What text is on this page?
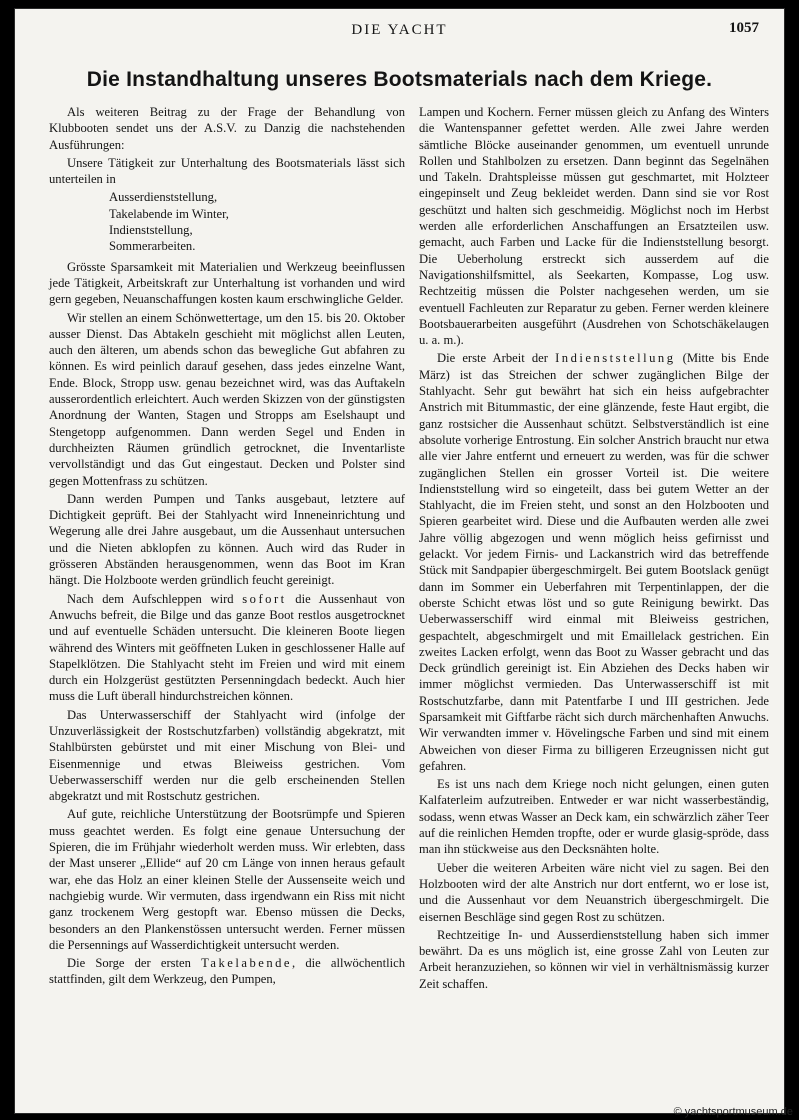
DIE YACHT	1057
Die Instandhaltung unseres Bootsmaterials nach dem Kriege.

Als weiteren Beitrag zu der Frage der Behandlung von Klubbooten sendet uns der A.S.V. zu Danzig die nachstehenden Ausführungen:

Unsere Tätigkeit zur Unterhaltung des Bootsmaterials lässt sich unterteilen in

Ausserdienststellung,
Takelabende im Winter,
Indienststellung,
Sommerarbeiten.

Grösste Sparsamkeit mit Materialien und Werkzeug beeinflussen jede Tätigkeit, Arbeitskraft zur Unterhaltung ist vorhanden und wird gern gegeben, Neuanschaffungen kosten kaum erschwingliche Gelder.

Wir stellen an einem Schönwettertage, um den 15. bis 20. Oktober ausser Dienst. Das Abtakeln geschieht mit möglichst allen Leuten, auch den älteren, um abends schon das bewegliche Gut abfahren zu können. Es wird peinlich darauf gesehen, dass jedes einzelne Want, Ende. Block, Stropp usw. genau bezeichnet wird, was das Auftakeln ausserordentlich erleichtert. Auch werden Skizzen von der günstigsten Anordnung der Wanten, Stagen und Stropps am Eselshaupt und Stengetopp aufgenommen. Dann werden Segel und Enden in durchheizten Räumen gründlich getrocknet, die Inventarliste vervollständigt und das Gut eingestaut. Decken und Polster sind gegen Mottenfrass zu schützen.

Dann werden Pumpen und Tanks ausgebaut, letztere auf Dichtigkeit geprüft. Bei der Stahlyacht wird Inneneinrichtung und Wegerung alle drei Jahre ausgebaut, um die Aussenhaut untersuchen und die Nieten abklopfen zu können. Auch wird das Ruder in grösseren Abständen herausgenommen, wenn das Boot im Kran hängt. Die Holzboote werden gründlich feucht gereinigt.

Nach dem Aufschleppen wird sofort die Aussenhaut von Anwuchs befreit, die Bilge und das ganze Boot restlos ausgetrocknet und auf eventuelle Schäden untersucht. Die kleineren Boote liegen während des Winters mit geöffneten Luken in geschlossener Halle auf Stapelklötzen. Die Stahlyacht steht im Freien und wird mit einem durch ein Holzgerüst gestützten Persenningdach bedeckt. Auch hier muss die Luft überall hindurchstreichen können.

Das Unterwasserschiff der Stahlyacht wird (infolge der Unzuverlässigkeit der Rostschutzfarben) vollständig abgekratzt, mit Stahlbürsten gebürstet und mit einer Mischung von Blei- und Eisenmennige und etwas Bleiweiss gestrichen. Vom Ueberwasserschiff werden nur die gelb erscheinenden Stellen abgekratzt und mit Rostschutz gestrichen.

Auf gute, reichliche Unterstützung der Bootsrümpfe und Spieren muss geachtet werden. Es folgt eine genaue Untersuchung der Spieren, die im Frühjahr wiederholt werden muss. Wir erlebten, dass der Mast unserer „Ellide“ auf 20 cm Länge von innen heraus gefault war, ehe das Holz an einer kleinen Stelle der Aussenseite weich und nachgiebig wurde. Wir vermuten, dass irgendwann ein Riss mit nicht ganz trockenem Werg gestopft war. Ebenso müssen die Decks, besonders an den Plankenstössen untersucht werden. Ferner müssen die Persennings auf Wasserdichtigkeit untersucht werden.

Die Sorge der ersten Takelabende, die allwöchentlich stattfinden, gilt dem Werkzeug, den Pumpen,

Lampen und Kochern. Ferner müssen gleich zu Anfang des Winters die Wantenspanner gefettet werden. Alle zwei Jahre werden sämtliche Blöcke auseinander genommen, um eventuell unrunde Rollen und Stahlbolzen zu ersetzen. Dann beginnt das Segelnähen und Takeln. Drahtspleisse müssen gut geschmartet, mit Holzteer eingepinselt und Zeug bekleidet werden. Dann sind sie vor Rost geschützt und halten sich geschmeidig. Möglichst noch im Herbst werden alle erforderlichen Anschaffungen an Ersatzteilen usw. gemacht, auch Farben und Lacke für die Indienststellung besorgt. Die Ueberholung erstreckt sich ausserdem auf die Navigationshilfsmittel, als Seekarten, Kompasse, Log usw. Rechtzeitig müssen die Polster nachgesehen werden, um sie eventuell Fachleuten zur Reparatur zu geben. Ferner werden kleinere Bootsbauerarbeiten ausgeführt (Ausdrehen von Schotschäkelaugen u. a. m.).

Die erste Arbeit der Indienststellung (Mitte bis Ende März) ist das Streichen der schwer zugänglichen Bilge der Stahlyacht. Sehr gut bewährt hat sich ein heiss aufgebrachter Anstrich mit Bitummastic, der eine glänzende, feste Haut ergibt, die ganz rostsicher die Aussenhaut schützt. Selbstverständlich ist eine absolute vorherige Entrostung. Ein solcher Anstrich braucht nur etwa alle vier Jahre entfernt und erneuert zu werden, was für die schwer zugänglichen Stellen ein grosser Vorteil ist. Die weitere Indienststellung wird so eingeteilt, dass bei gutem Wetter an der Stahlyacht, die im Freien steht, und sonst an den Holzbooten und Spieren gearbeitet wird. Diese und die Aufbauten werden alle zwei Jahre völlig abgezogen und wenn möglich heiss gefirnisst und gelackt. Vor jedem Firnis- und Lackanstrich wird das betreffende Stück mit Sandpapier übergeschmirgelt. Bei gutem Bootslack genügt dann im Sommer ein Ueberfahren mit Terpentinlappen, der die oberste Schicht etwas löst und so gute Reinigung bewirkt. Das Ueberwasserschiff wird einmal mit Bleiweiss gestrichen, gespachtelt, abgeschmirgelt und mit Emaillelack gestrichen. Ein zweites Lacken erfolgt, wenn das Boot zu Wasser gebracht und das Deck gründlich gereinigt ist. Ein Abziehen des Decks haben wir immer möglichst vermieden. Das Unterwasserschiff ist mit Rostschutzfarbe, dann mit Patentfarbe I und III gestrichen. Jede Sparsamkeit mit Giftfarbe rächt sich durch märchenhaften Anwuchs. Wir verwandten immer v. Hövelingsche Farben und sind mit einem Abweichen von dieser Firma zu billigeren Erzeugnissen nicht gut gefahren.

Es ist uns nach dem Kriege noch nicht gelungen, einen guten Kalfaterleim aufzutreiben. Entweder er war nicht wasserbeständig, sodass, wenn etwas Wasser an Deck kam, ein schwärzlich zäher Teer auf die reinlichen Hemden tropfte, oder er wurde glasig-spröde, dass man ihn stückweise aus den Decksnähten holte.

Ueber die weiteren Arbeiten wäre nicht viel zu sagen. Bei den Holzbooten wird der alte Anstrich nur dort entfernt, wo er lose ist, und die Aussenhaut vor dem Neuanstrich übergeschmirgelt. Die eisernen Beschläge sind gegen Rost zu schützen.

Rechtzeitige In- und Ausserdienststellung haben sich immer bewährt. Da es uns möglich ist, eine grosse Zahl von Leuten zur Arbeit heranzuziehen, so können wir viel in verhältnismässig kurzer Zeit schaffen.

© yachtsportmuseum.de
